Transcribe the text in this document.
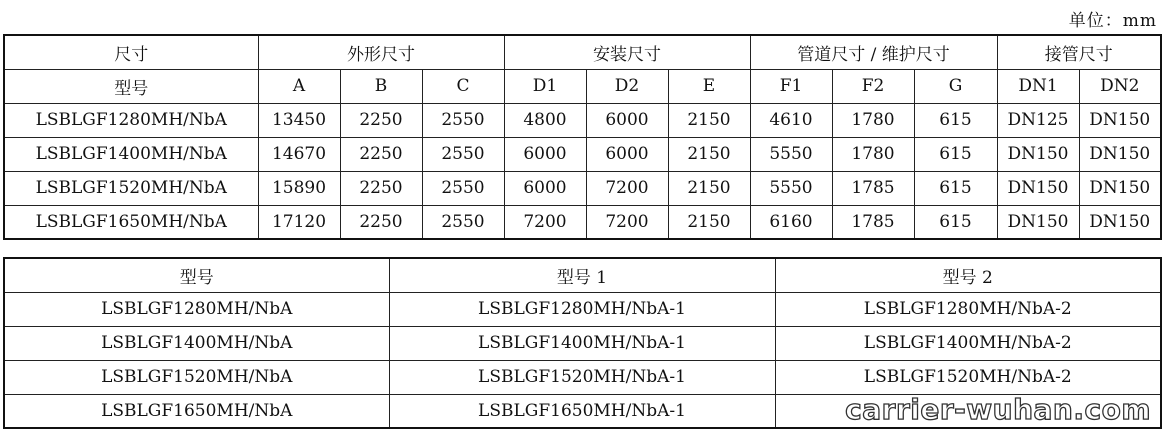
单位：mm
尺寸	外形尺寸			安装尺寸			管道尺寸 / 维护尺寸			接管尺寸	
型号	A	B	C	D1	D2	E	F1	F2	G	DN1	DN2
LSBLGF1280MH/NbA	13450	2250	2550	4800	6000	2150	4610	1780	615	DN125	DN150
LSBLGF1400MH/NbA	14670	2250	2550	6000	6000	2150	5550	1780	615	DN150	DN150
LSBLGF1520MH/NbA	15890	2250	2550	6000	7200	2150	5550	1785	615	DN150	DN150
LSBLGF1650MH/NbA	17120	2250	2550	7200	7200	2150	6160	1785	615	DN150	DN150
型号	型号 1	型号 2
LSBLGF1280MH/NbA	LSBLGF1280MH/NbA-1	LSBLGF1280MH/NbA-2
LSBLGF1400MH/NbA	LSBLGF1400MH/NbA-1	LSBLGF1400MH/NbA-2
LSBLGF1520MH/NbA	LSBLGF1520MH/NbA-1	LSBLGF1520MH/NbA-2
LSBLGF1650MH/NbA	LSBLGF1650MH/NbA-1		carrier-wuhan.com
